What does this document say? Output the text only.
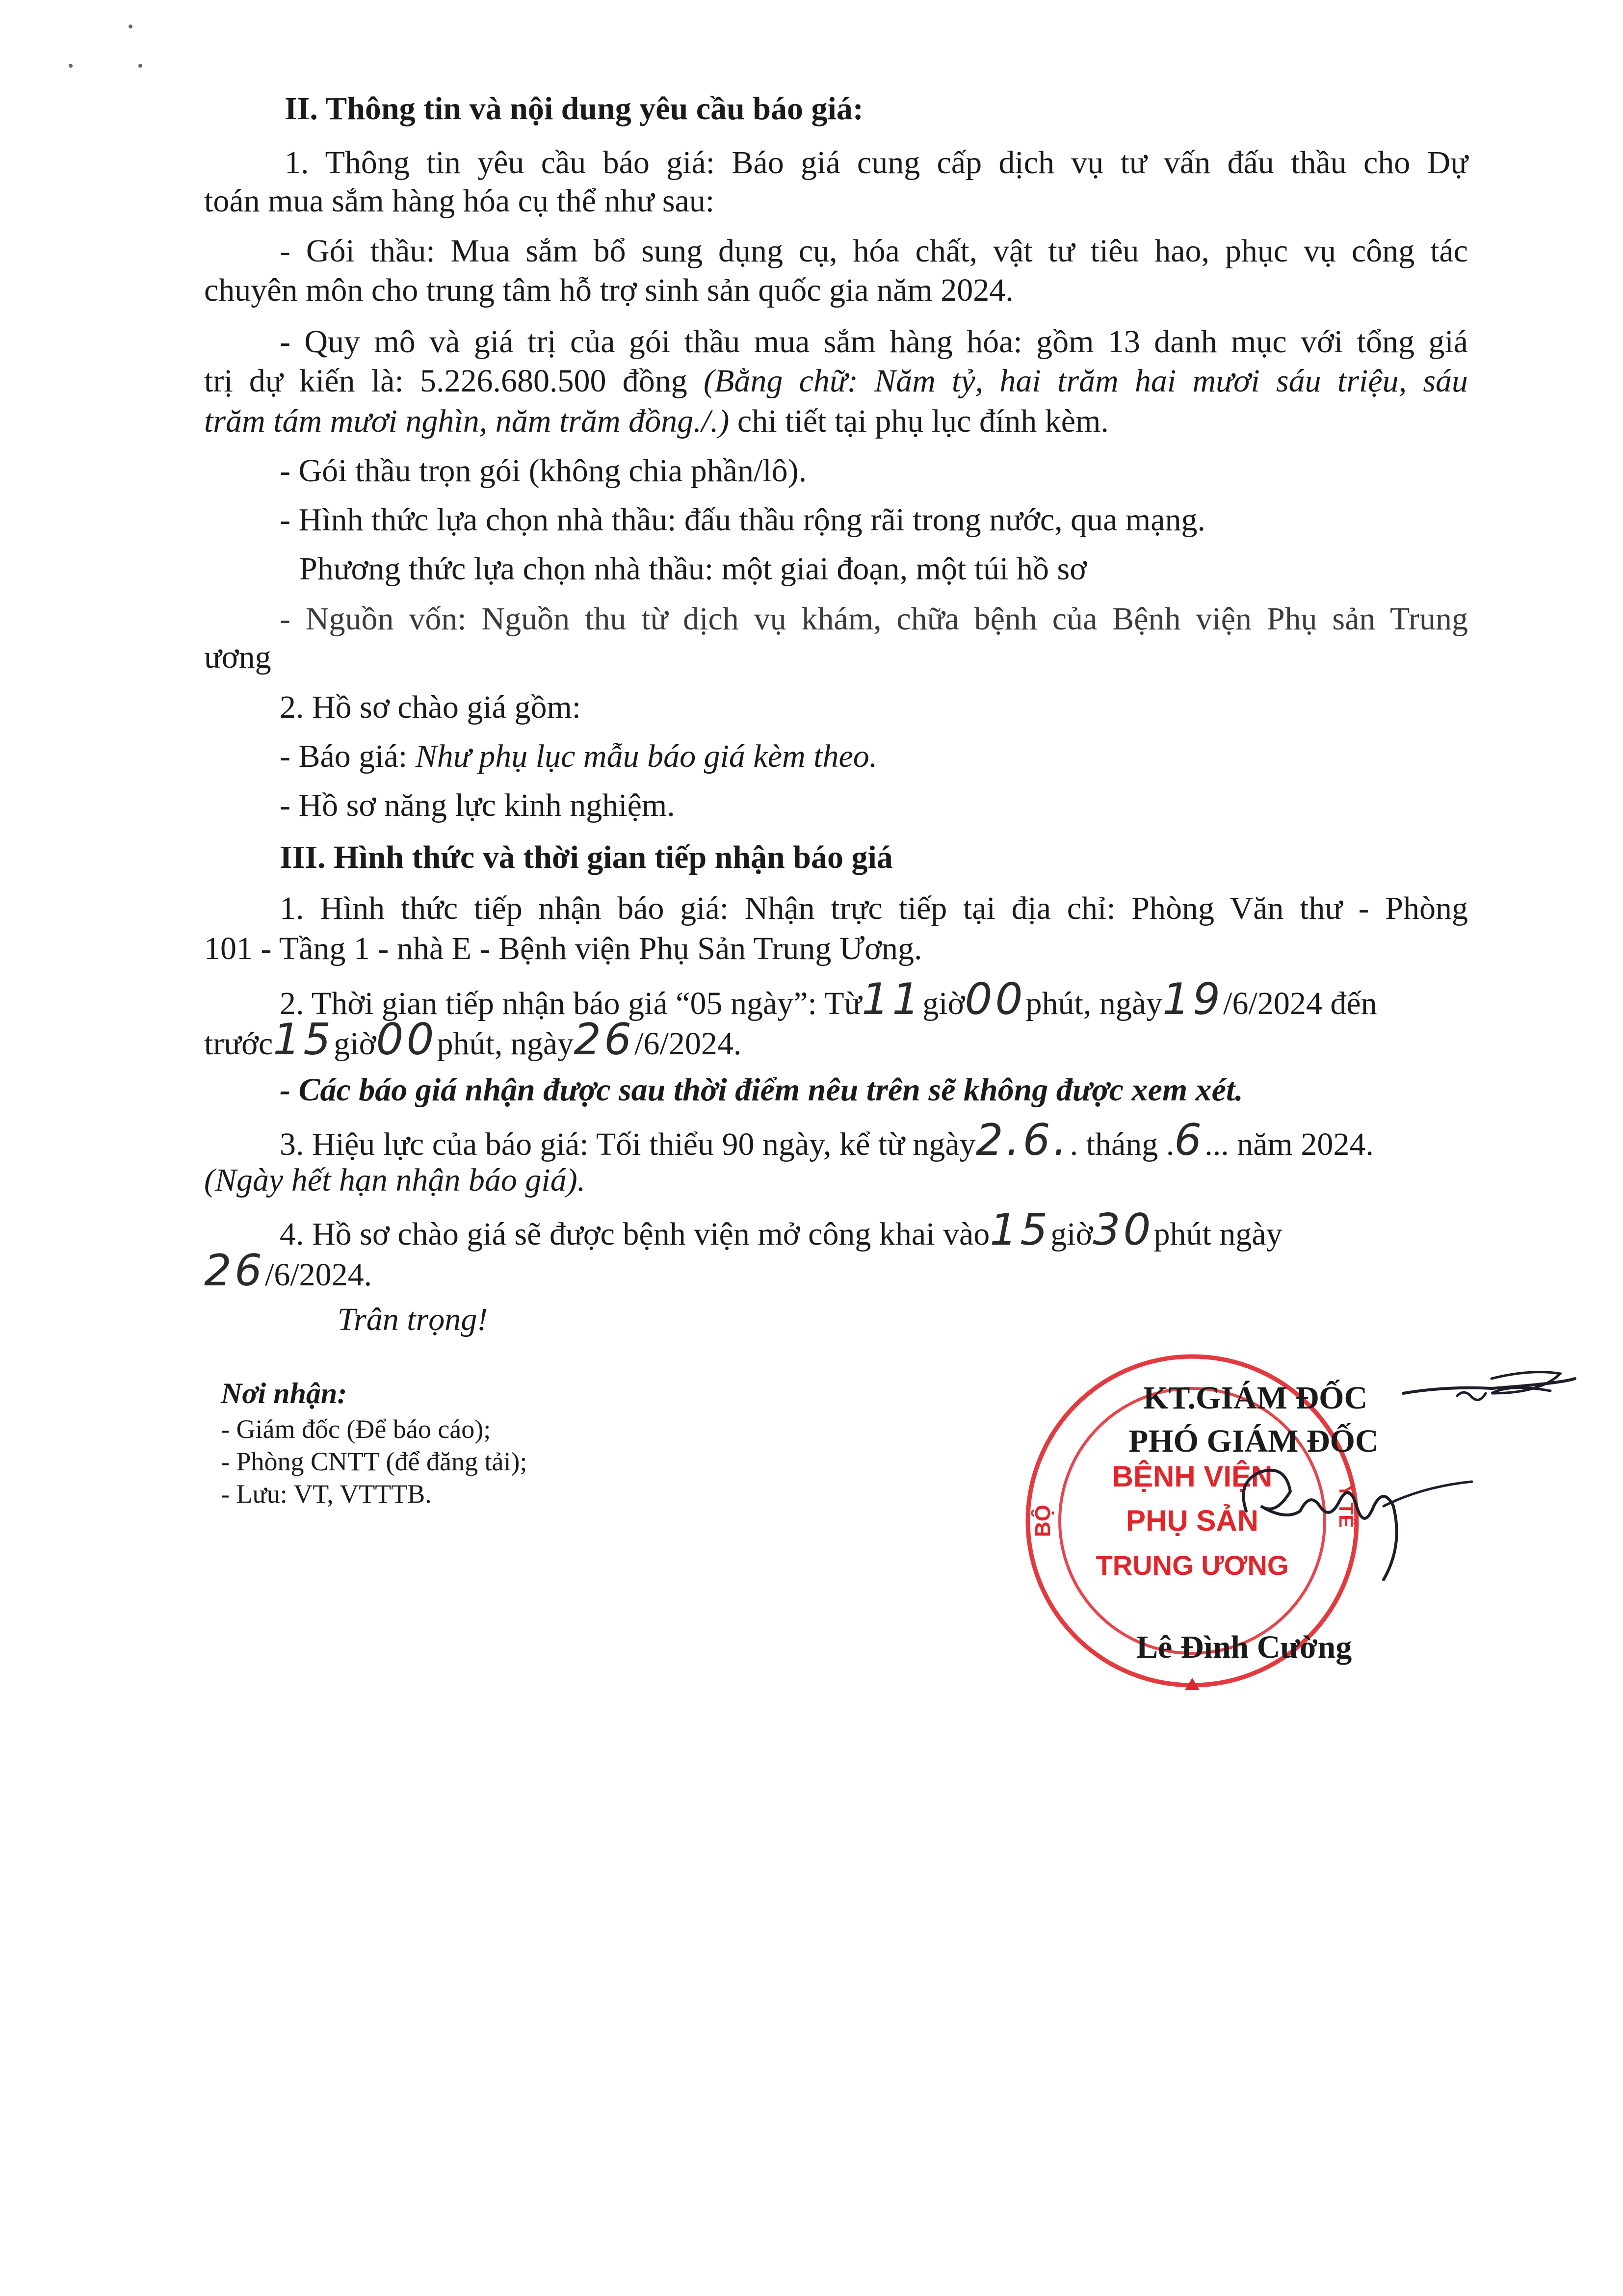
II. Thông tin và nội dung yêu cầu báo giá:
1. Thông tin yêu cầu báo giá: Báo giá cung cấp dịch vụ tư vấn đấu thầu cho Dự
toán mua sắm hàng hóa cụ thể như sau:
- Gói thầu: Mua sắm bổ sung dụng cụ, hóa chất, vật tư tiêu hao, phục vụ công tác
chuyên môn cho trung tâm hỗ trợ sinh sản quốc gia năm 2024.
- Quy mô và giá trị của gói thầu mua sắm hàng hóa: gồm 13 danh mục với tổng giá
trị dự kiến là: 5.226.680.500 đồng (Bằng chữ: Năm tỷ, hai trăm hai mươi sáu triệu, sáu
trăm tám mươi nghìn, năm trăm đồng./.) chi tiết tại phụ lục đính kèm.
- Gói thầu trọn gói (không chia phần/lô).
- Hình thức lựa chọn nhà thầu: đấu thầu rộng rãi trong nước, qua mạng.
Phương thức lựa chọn nhà thầu: một giai đoạn, một túi hồ sơ
- Nguồn vốn: Nguồn thu từ dịch vụ khám, chữa bệnh của Bệnh viện Phụ sản Trung
ương
2. Hồ sơ chào giá gồm:
- Báo giá: Như phụ lục mẫu báo giá kèm theo.
- Hồ sơ năng lực kinh nghiệm.
III. Hình thức và thời gian tiếp nhận báo giá
1. Hình thức tiếp nhận báo giá: Nhận trực tiếp tại địa chỉ: Phòng Văn thư - Phòng
101 - Tầng 1 - nhà E - Bệnh viện Phụ Sản Trung Ương.
2. Thời gian tiếp nhận báo giá “05 ngày”: Từ11giờ00phút, ngày19/6/2024 đến
trước15giờ00phút, ngày26/6/2024.
- Các báo giá nhận được sau thời điểm nêu trên sẽ không được xem xét.
3. Hiệu lực của báo giá: Tối thiểu 90 ngày, kể từ ngày2.6.. tháng .6... năm 2024.
(Ngày hết hạn nhận báo giá).
4. Hồ sơ chào giá sẽ được bệnh viện mở công khai vào15giờ30phút ngày
26/6/2024.
Trân trọng!
Nơi nhận:
- Giám đốc (Để báo cáo);
- Phòng CNTT (để đăng tải);
- Lưu: VT, VTTTB.
BỆNH VIỆN
PHỤ SẢN
TRUNG ƯƠNG
BỘ	Y TẾ
KT.GIÁM ĐỐC
PHÓ GIÁM ĐỐC
Lê Đình Cường
